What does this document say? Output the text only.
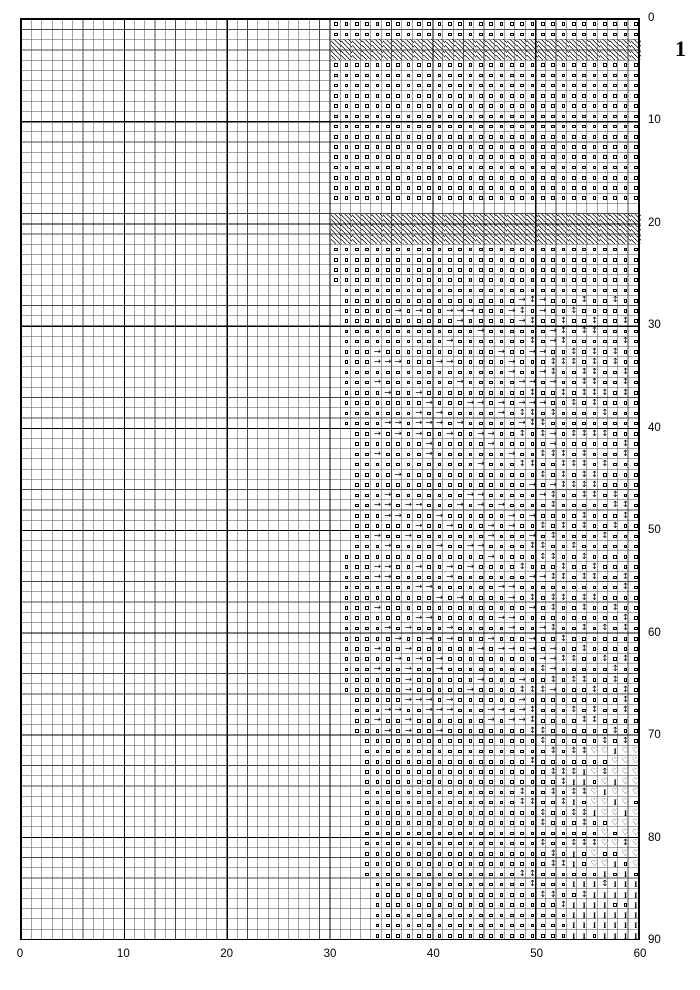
1
→
↕
→
↕
↕
→
→
→
→
→
→
↕
→
↕
→
→
↕
↕
↕
↕
→
→
↕
↕
↕
→
↕
→
↕
↕
→
→
→
→
↕
↕
↕
→
→
→
→
→
→
↕
↕
↕
↕
↕
→
→
↕
↕
↕
↕
→
→
→
→
→
↕
↕
↕
→
→
↕
↕
↕
↕
↕
↕
→
→
→
→
→
→
→
↕
↕
→
→
→
↕
↕
↕
↕
→
→
→
→
→
→
→
↕
↕
→
→
→
→
→
→
↕
↕
→
↕
↕
↕
↕
→
→
→
↕
→
→
→
↕
↕
↕
↕
↕
→
↕
↕
↕
↕
↕
↕
→
↕
↕
↕
↕
→
→
↕
↕
↕
↕
→
→
→
→
↕
↕
↕
↕
→
→
→
→
→
→
→
↕
↕
↕
→
→
→
→
→
↕
↕
→
→
→
→
↕
↕
↕
↕
→
→
→
→
↕
↕
→
→
→
→
↕
↕
↕
→
↕
↕
↕
→
→
→
→
→
↕
↕
↕
→
→
→
→
→
↕
↕
↕
↕
↕
→
→
→
→
↕
→
→
→
↕
↕
↕
↕
↕
→
→
↕
↕
↕
→
→
→
→
↕
→
→
→
→
→
↕
↕
↕
↕
→
→
→
→
→
↕
→
→
→
→
→
→
→
↕
→
→
→
→
→
↕
↕
↕
↕
→
→
→
↕
→
↕
→
→
→
↕
↕
↕
↕
→
→
↕
↕
↕
→
↕
↕
→
→
→
→
→
↕
→
→
→
→
→
→
→
→
↕
↕
↕
↕
→
→
→
→
→
↕
↕
↕
→
→
→
↕
↕
↕
↕
↕
↕
↕
↕
↕
♡
♡
I
♡
♡
↕
♡
♡
♡
↕
↕
↕
I
♡
↕
♡
♡
♡
↕
I
I
♡
I
♡
♡
↕
↕
↕
↕
♡
I
♡
♡
♡
↕
↕
↕
I
♡
♡
I
♡
↕
↕
↕
I
♡
♡
I
♡
↕
↕
♡
♡
♡
♡
♡
♡
↕
↕
↕
↕
♡
♡
↕
♡
↕
I
♡
♡
♡
↕
↕
I
♡
♡
I
♡
↕
↕
I
I
↕
I
I
I
↕
I
I
I
↕
↕
↕
I
I
I
I
I
↕
I
I
I
I
I
I
I
I
I
I
I
I
I
I
I
I
I
I
I
I
I
I
I
I
I
0	10	20	30	40	50	60
0
10
20
30
40
50
60
70
80
90
